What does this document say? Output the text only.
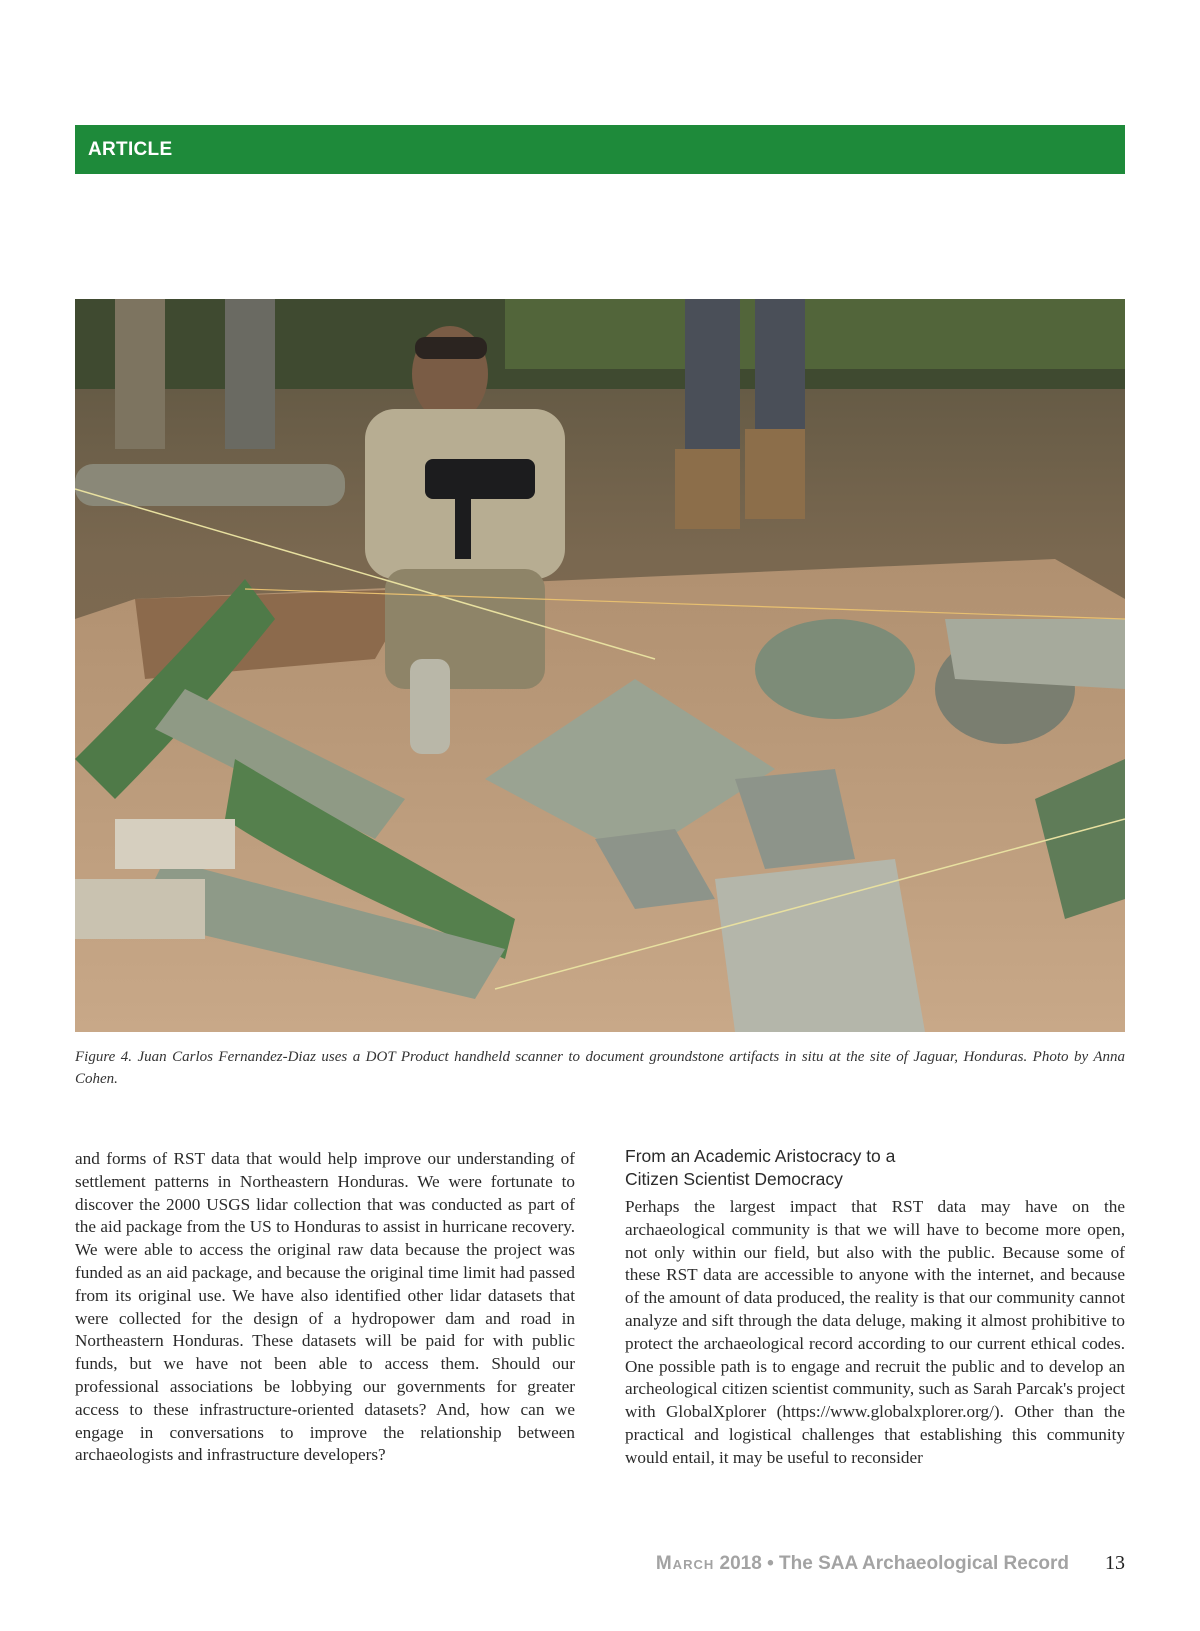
ARTICLE
Figure 4. Juan Carlos Fernandez-Diaz uses a DOT Product handheld scanner to document groundstone artifacts in situ at the site of Jaguar, Honduras. Photo by Anna Cohen.
and forms of RST data that would help improve our understanding of settlement patterns in Northeastern Honduras. We were fortunate to discover the 2000 USGS lidar collection that was conducted as part of the aid package from the US to Honduras to assist in hurricane recovery. We were able to access the original raw data because the project was funded as an aid package, and because the original time limit had passed from its original use. We have also identified other lidar datasets that were collected for the design of a hydropower dam and road in Northeastern Honduras. These datasets will be paid for with public funds, but we have not been able to access them. Should our professional associations be lobbying our governments for greater access to these infrastructure-oriented datasets? And, how can we engage in conversations to improve the relationship between archaeologists and infrastructure developers?
From an Academic Aristocracy to a
Citizen Scientist Democracy

Perhaps the largest impact that RST data may have on the archaeological community is that we will have to become more open, not only within our field, but also with the public. Because some of these RST data are accessible to anyone with the internet, and because of the amount of data produced, the reality is that our community cannot analyze and sift through the data deluge, making it almost prohibitive to protect the archaeological record according to our current ethical codes. One possible path is to engage and recruit the public and to develop an archeological citizen scientist community, such as Sarah Parcak's project with GlobalXplorer (https://www.globalxplorer.org/). Other than the practical and logistical challenges that establishing this community would entail, it may be useful to reconsider

March 2018 • The SAA Archaeological Record 13
